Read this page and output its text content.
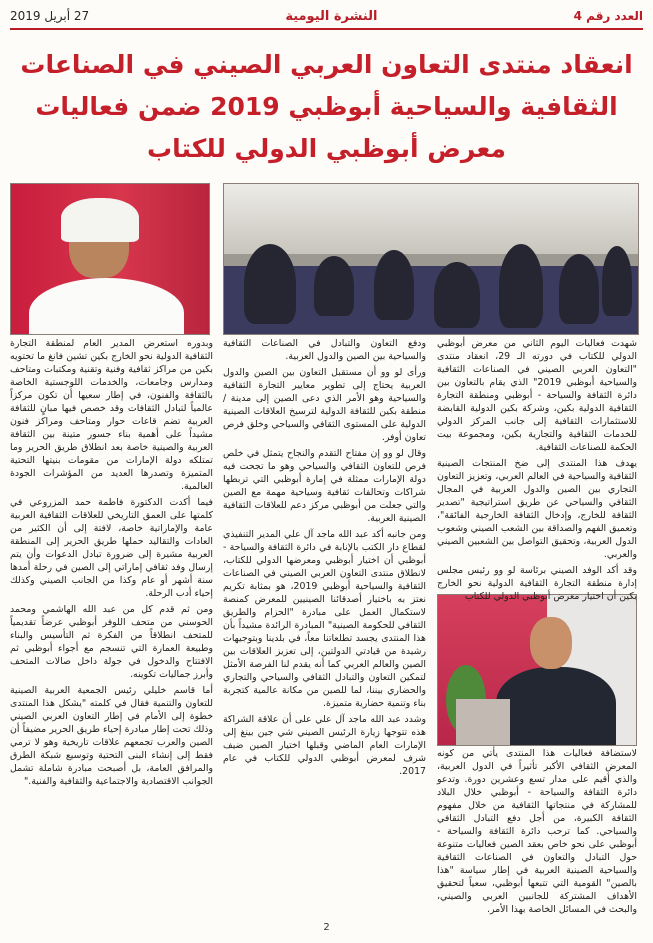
العدد رقم 4
النشرة اليومية
27 أبريل 2019
انعقاد منتدى التعاون العربي الصيني في الصناعات الثقافية والسياحية أبوظبي 2019 ضمن فعاليات معرض أبوظبي الدولي للكتاب

شهدت فعاليات اليوم الثاني من معرض أبوظبي الدولي للكتاب في دورته الـ 29، انعقاد منتدى "التعاون العربي الصيني في الصناعات الثقافية والسياحية أبوظبي 2019" الذي يقام بالتعاون بين دائرة الثقافة والسياحة - أبوظبي ومنطقة التجارة الثقافية الدولية بكين، وشركة بكين الدولية القابضة للاستثمارات الثقافية إلى جانب المركز الدولي للخدمات الثقافية والتجارية بكين، ومجموعة بيت الحكمة للصناعات الثقافية.

يهدف هذا المنتدى إلى ضخ المنتجات الصينية الثقافية والسياحية في العالم العربي، وتعزيز التعاون التجاري بين الصين والدول العربية في المجال الثقافي والسياحي عن طريق استراتيجية "تصدير الثقافة للخارج، وإدخال الثقافة الخارجية الفائقة"، وتعميق الفهم والصداقة بين الشعب الصيني وشعوب الدول العربية، وتحقيق التواصل بين الشعبين الصيني والعربي.

وقد أكد الوفد الصيني برئاسة لو وو رئيس مجلس إدارة منطقة التجارة الثقافية الدولية نحو الخارج بكين أن اختيار معرض أبوظبي الدولي للكتاب

لاستضافة فعاليات هذا المنتدى يأتي من كونه المعرض الثقافي الأكبر تأثيراً في الدول العربية، والذي أقيم على مدار تسع وعشرين دورة. وتدعو دائرة الثقافة والسياحة - أبوظبي خلال البلاد للمشاركة في منتجاتها الثقافية من خلال مفهوم الثقافة الكبيرة، من أجل دفع التبادل الثقافي والسياحي. كما ترحب دائرة الثقافة والسياحة - أبوظبي على نحو خاص بعقد الصين فعاليات متنوعة حول التبادل والتعاون في الصناعات الثقافية والسياحية الصينية العربية في إطار سياسة "هذا بالصين" القومية التي تتبعها أبوظبي، سعياً لتحقيق الأهداف المشتركة للجانبين العربي والصيني، والبحث في المسائل الخاصة بهذا الأمر.

ودفع التعاون والتبادل في الصناعات الثقافية والسياحية بين الصين والدول العربية.

ورأى لو وو أن مستقبل التعاون بين الصين والدول العربية يحتاج إلى تطوير معايير التجارة الثقافية والسياحية وهو الأمر الذي دعى الصين إلى مدينة / منطقة بكين للثقافة الدولية لترسيخ العلاقات الصينية الدولية على المستوى الثقافي والسياحي وخلق فرص تعاون أوفر.

وقال لو وو إن مفتاح التقدم والنجاح يتمثل في خلص فرص للتعاون الثقافي والسياحي وهو ما تجحت فيه دولة الإمارات ممثلة في إمارة أبوظبي التي تربطها شراكات وتحالفات ثقافية وسياحية مهمة مع الصين والتي جعلت من أبوظبي مركز دعم للعلاقات الثقافية الصينية العربية.

ومن جانبه أكد عبد الله ماجد آل علي المدير التنفيذي لقطاع دار الكتب بالإنابة في دائرة الثقافة والسياحة - أبوظبي أن اختيار أبوظبي ومعرضها الدولي للكتاب، لانطلاق منتدى التعاون العربي الصيني في الصناعات الثقافية والسياحية أبوظبي 2019، هو بمثابة تكريم نعتز به باختيار أصدقائنا الصينيين للمعرض كمنصة لاستكمال العمل على مبادرة "الحزام والطريق الثقافي للحكومة الصينية" المبادرة الرائدة مشيداً بأن هذا المنتدى يجسد تطلعاتنا معاً، في بلدينا وبتوجيهات رشيدة من قيادتي الدولتين، إلى تعزيز العلاقات بين الصين والعالم العربي كما أنه يقدم لنا الفرصة الأمثل لتمكين التعاون والتبادل الثقافي والسياحي والتجاري والحضاري بيننا، لما للصين من مكانة عالمية كتجربة بناء وتنمية حضارية متميزة.

وشدد عبد الله ماجد آل علي على أن علاقة الشراكة هذه تتوجها زيارة الرئيس الصيني شي جين بينغ إلى الإمارات العام الماضي وقبلها اختيار الصين ضيف شرف لمعرض أبوظبي الدولي للكتاب في عام 2017.

وبدوره استعرض المدير العام لمنطقة التجارة الثقافية الدولية نحو الخارج بكين تشين فانغ ما تحتويه بكين من مراكز ثقافية وفنية وتقنية ومكتبات ومتاحف ومدارس وجامعات، والخدمات اللوجستية الخاصة بالثقافة والفنون، في إطار سعيها أن تكون مركزاً عالمياً لتبادل الثقافات وقد خصص فيها مبانٍ للثقافة العربية تضم قاعات حوار ومتاحف ومراكز فنون مشيداً على أهمية بناء جسور متينة بين الثقافة العربية والصينية خاصة بعد انطلاق طريق الحرير وما تمتلكه دولة الإمارات من مقومات بنيتها التحتية المتميزة وتصدرها العديد من المؤشرات الجودة العالمية.

فيما أكدت الدكتورة فاطمة حمد المزروعي في كلمتها على العمق التاريخي للعلاقات الثقافية العربية عامة والإماراتية خاصة، لافتة إلى أن الكثير من العادات والتقاليد حملها طريق الحرير إلى المنطقة العربية مشيرة إلى ضرورة تبادل الدعوات وأن يتم إرسال وفد ثقافي إماراتي إلى الصين في رحلة أمدها سنة أشهر أو عام وكذا من الجانب الصيني وكذلك إحياء أدب الرحلة.

ومن ثم قدم كل من عبد الله الهاشمي ومحمد الحوسني من متحف اللوفر أبوظبي عرضاً تقديمياً للمتحف انطلاقاً من الفكرة ثم التأسيس والبناء وطبيعة العمارة التي تنسجم مع أجواء أبوظبي ثم الافتتاح والدخول في جولة داخل صالات المتحف وأبرز جماليات تكوينه.

أما قاسم خليلي رئيس الجمعية العربية الصينية للتعاون والتنمية فقال في كلمته "يشكل هذا المنتدى خطوة إلى الأمام في إطار التعاون العربي الصيني وذلك تحت إطار مبادرة إحياء طريق الحرير مضيفاً أن الصين والعرب تجمعهم علاقات تاريخية وهو لا ترمي فقط إلى إنشاء البنى التحتية وتوسيع شبكة الطرق والمرافق العامة، بل أصبحت مبادرة شاملة تشمل الجوانب الاقتصادية والاجتماعية والثقافية والفنية."

2
